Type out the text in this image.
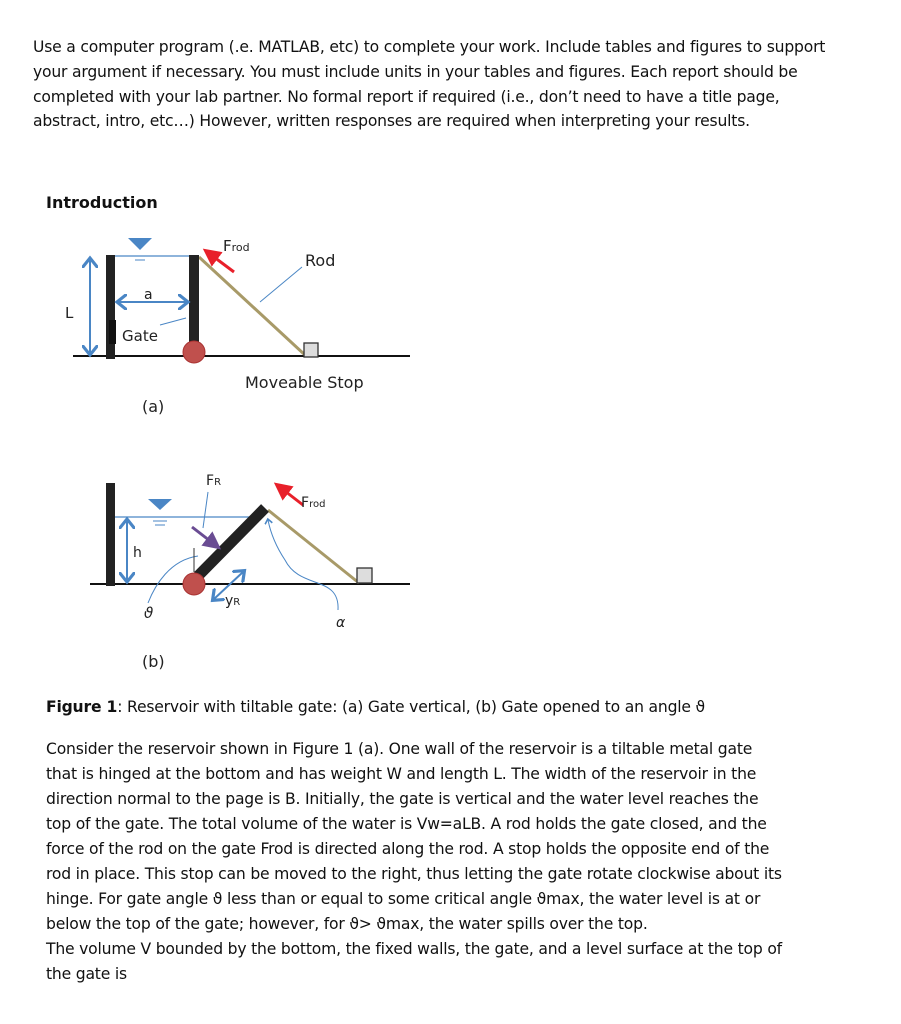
Use a computer program (.e. MATLAB, etc) to complete your work. Include tables and figures to support
your argument if necessary. You must include units in your tables and figures. Each report should be
completed with your lab partner. No formal report if required (i.e., don’t need to have a title page,
abstract, intro, etc…) However, written responses are required when interpreting your results.
Introduction
L
a
Gate
Frod
Rod
Moveable Stop
(a)
FR
Frod
h
ϑ
yR
α
(b)
Figure 1: Reservoir with tiltable gate: (a) Gate vertical, (b) Gate opened to an angle ϑ
Consider the reservoir shown in Figure 1 (a). One wall of the reservoir is a tiltable metal gate
that is hinged at the bottom and has weight W and length L. The width of the reservoir in the
direction normal to the page is B. Initially, the gate is vertical and the water level reaches the
top of the gate. The total volume of the water is Vw=aLB. A rod holds the gate closed, and the
force of the rod on the gate Frod is directed along the rod. A stop holds the opposite end of the
rod in place. This stop can be moved to the right, thus letting the gate rotate clockwise about its
hinge. For gate angle ϑ less than or equal to some critical angle ϑmax, the water level is at or
below the top of the gate; however, for ϑ> ϑmax, the water spills over the top.
The volume V bounded by the bottom, the fixed walls, the gate, and a level surface at the top of
the gate is
